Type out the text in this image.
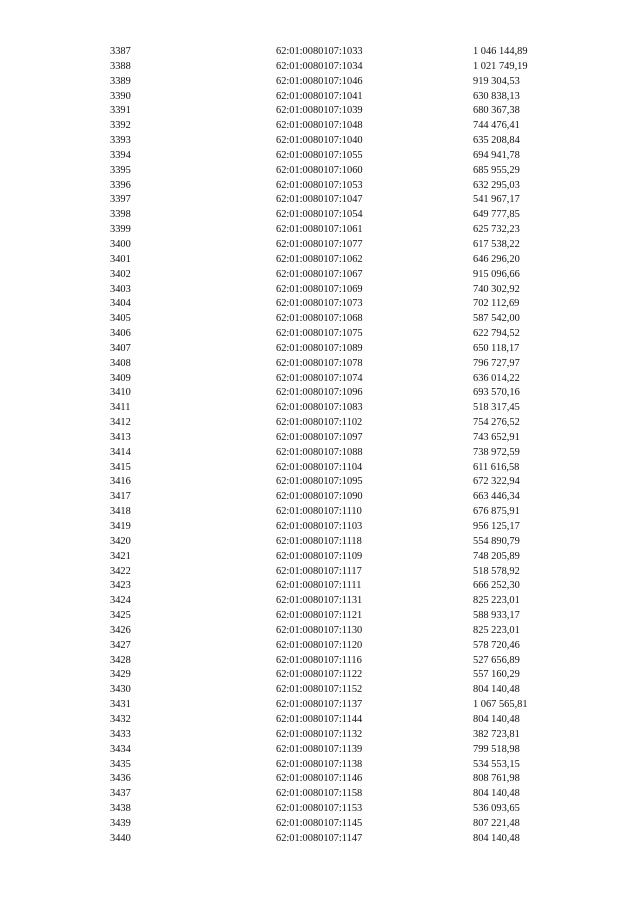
3387	62:01:0080107:1033	1 046 144,89
3388	62:01:0080107:1034	1 021 749,19
3389	62:01:0080107:1046	919 304,53
3390	62:01:0080107:1041	630 838,13
3391	62:01:0080107:1039	680 367,38
3392	62:01:0080107:1048	744 476,41
3393	62:01:0080107:1040	635 208,84
3394	62:01:0080107:1055	694 941,78
3395	62:01:0080107:1060	685 955,29
3396	62:01:0080107:1053	632 295,03
3397	62:01:0080107:1047	541 967,17
3398	62:01:0080107:1054	649 777,85
3399	62:01:0080107:1061	625 732,23
3400	62:01:0080107:1077	617 538,22
3401	62:01:0080107:1062	646 296,20
3402	62:01:0080107:1067	915 096,66
3403	62:01:0080107:1069	740 302,92
3404	62:01:0080107:1073	702 112,69
3405	62:01:0080107:1068	587 542,00
3406	62:01:0080107:1075	622 794,52
3407	62:01:0080107:1089	650 118,17
3408	62:01:0080107:1078	796 727,97
3409	62:01:0080107:1074	636 014,22
3410	62:01:0080107:1096	693 570,16
3411	62:01:0080107:1083	518 317,45
3412	62:01:0080107:1102	754 276,52
3413	62:01:0080107:1097	743 652,91
3414	62:01:0080107:1088	738 972,59
3415	62:01:0080107:1104	611 616,58
3416	62:01:0080107:1095	672 322,94
3417	62:01:0080107:1090	663 446,34
3418	62:01:0080107:1110	676 875,91
3419	62:01:0080107:1103	956 125,17
3420	62:01:0080107:1118	554 890,79
3421	62:01:0080107:1109	748 205,89
3422	62:01:0080107:1117	518 578,92
3423	62:01:0080107:1111	666 252,30
3424	62:01:0080107:1131	825 223,01
3425	62:01:0080107:1121	588 933,17
3426	62:01:0080107:1130	825 223,01
3427	62:01:0080107:1120	578 720,46
3428	62:01:0080107:1116	527 656,89
3429	62:01:0080107:1122	557 160,29
3430	62:01:0080107:1152	804 140,48
3431	62:01:0080107:1137	1 067 565,81
3432	62:01:0080107:1144	804 140,48
3433	62:01:0080107:1132	382 723,81
3434	62:01:0080107:1139	799 518,98
3435	62:01:0080107:1138	534 553,15
3436	62:01:0080107:1146	808 761,98
3437	62:01:0080107:1158	804 140,48
3438	62:01:0080107:1153	536 093,65
3439	62:01:0080107:1145	807 221,48
3440	62:01:0080107:1147	804 140,48
